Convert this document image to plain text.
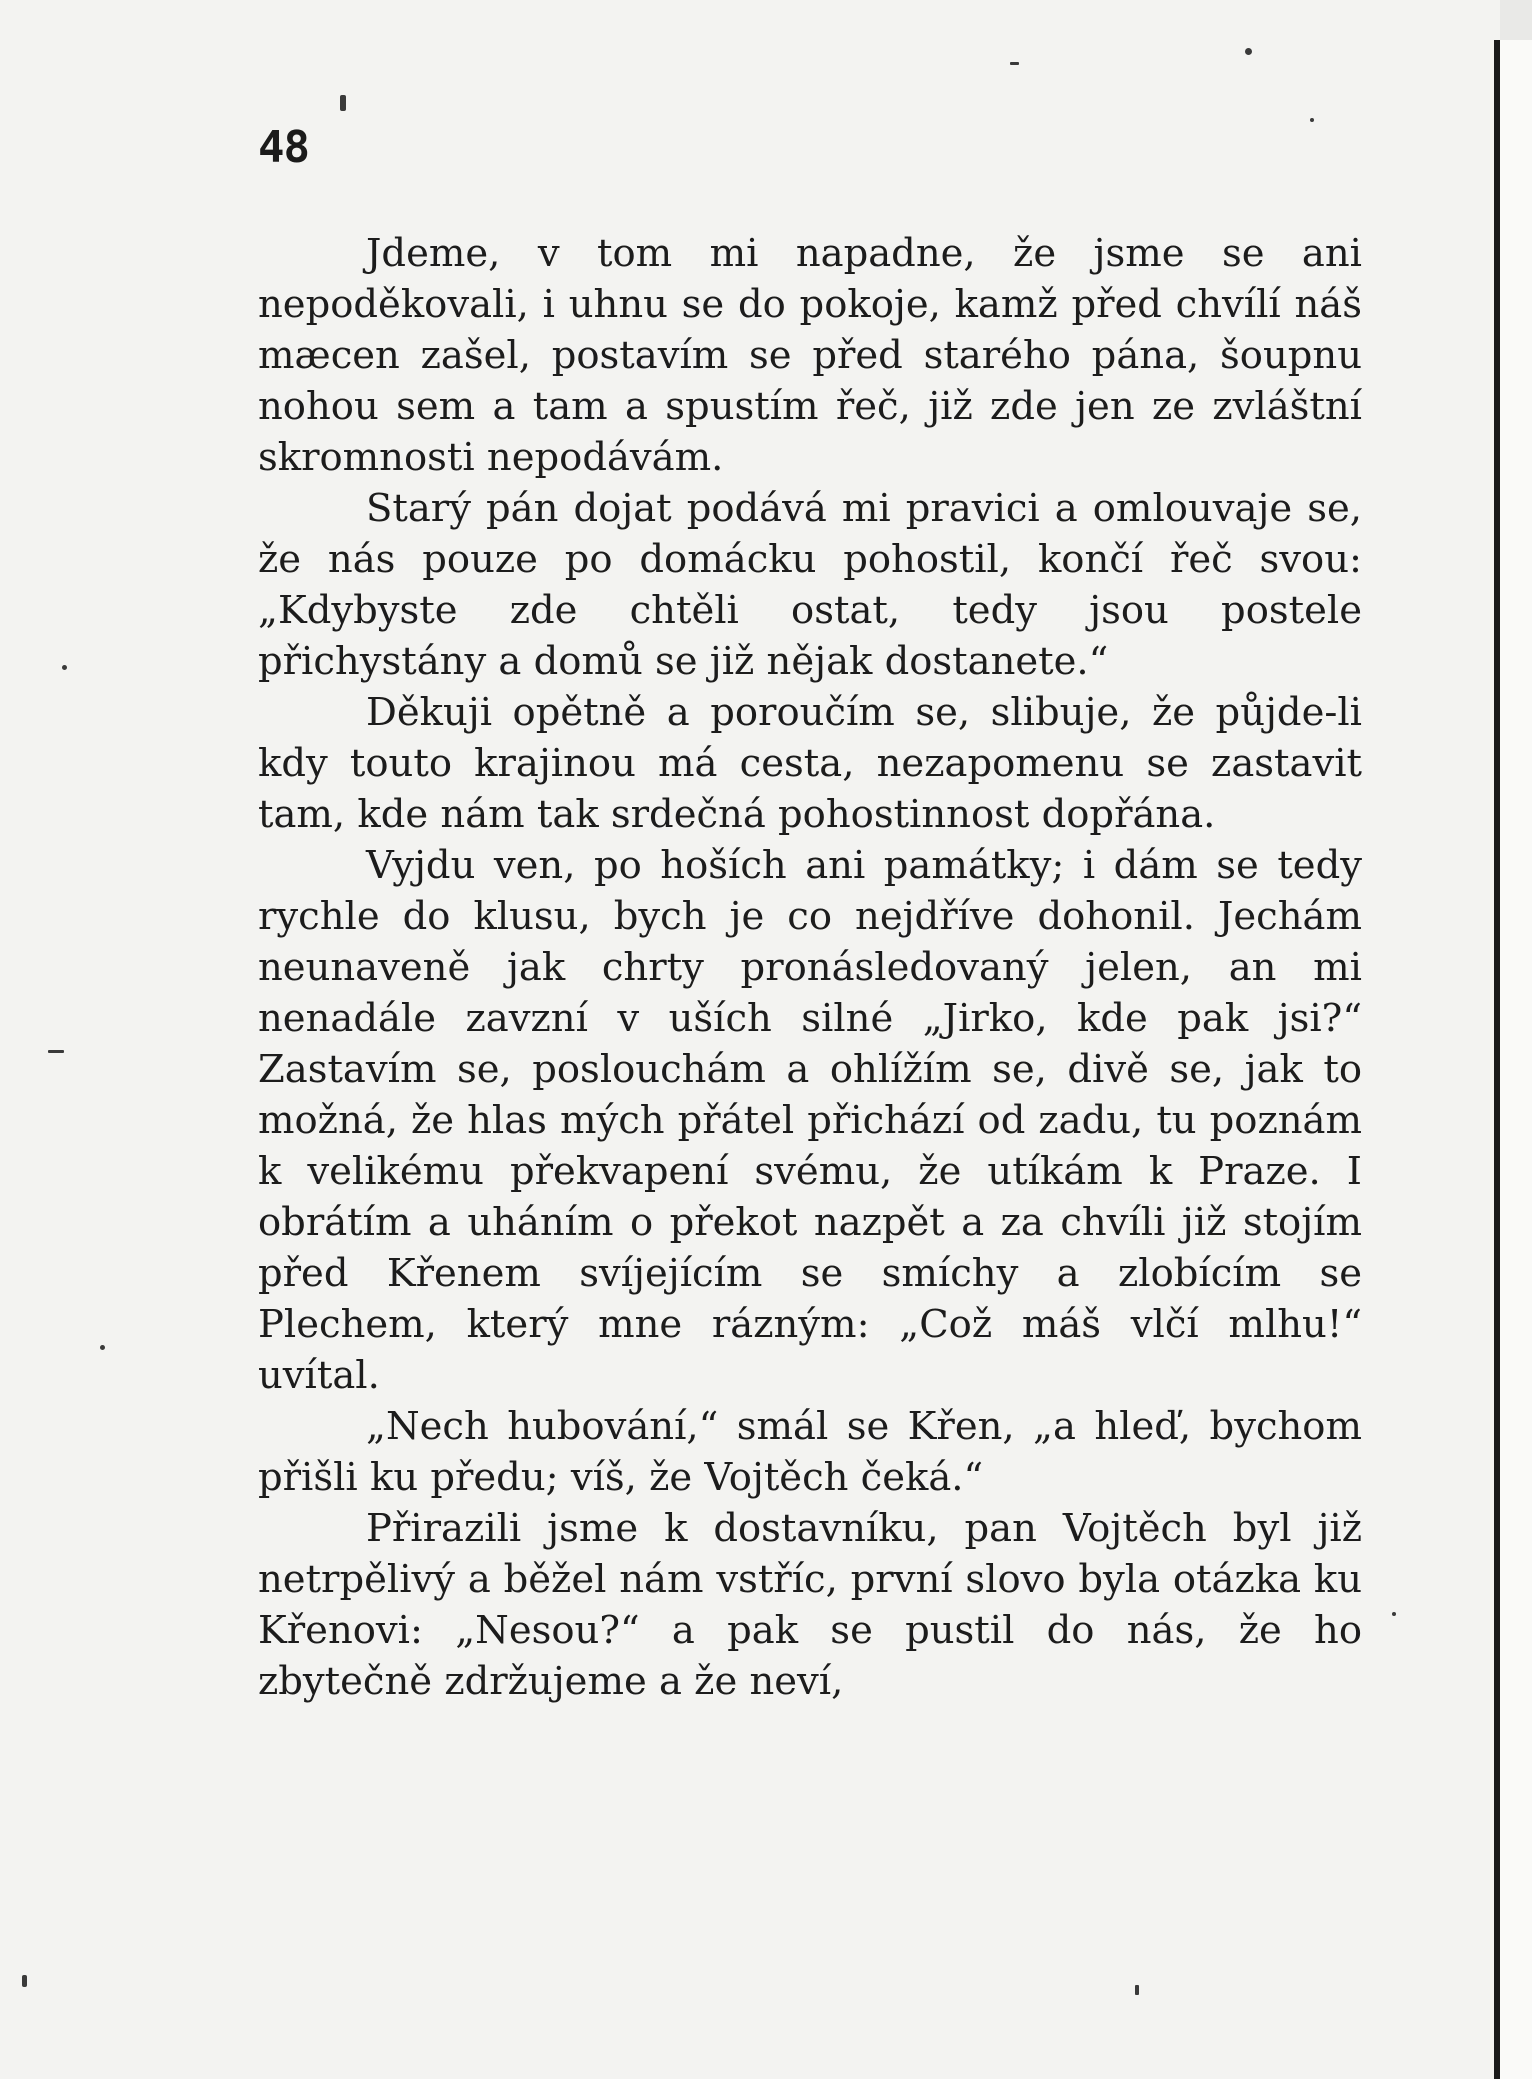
48

Jdeme, v tom mi napadne, že jsme se ani nepoděkovali, i uhnu se do pokoje, kamž před chvílí náš mæcen zašel, postavím se před starého pána, šoupnu nohou sem a tam a spustím řeč, již zde jen ze zvláštní skromnosti nepodávám.

Starý pán dojat podává mi pravici a omlouvaje se, že nás pouze po domácku pohostil, končí řeč svou: „Kdybyste zde chtěli ostat, tedy jsou postele přichystány a domů se již nějak dostanete.“

Děkuji opětně a poroučím se, slibuje, že půjde-li kdy touto krajinou má cesta, nezapomenu se zastavit tam, kde nám tak srdečná pohostinnost dopřána.

Vyjdu ven, po hoších ani památky; i dám se tedy rychle do klusu, bych je co nejdříve dohonil. Jechám neunaveně jak chrty pronásledovaný jelen, an mi nenadále zavzní v uších silné „Jirko, kde pak jsi?“ Zastavím se, poslouchám a ohlížím se, divě se, jak to možná, že hlas mých přátel přichází od zadu, tu poznám k velikému překvapení svému, že utíkám k Praze. I obrátím a uháním o překot nazpět a za chvíli již stojím před Křenem svíjejícím se smíchy a zlobícím se Plechem, který mne rázným: „Což máš vlčí mlhu!“ uvítal.

„Nech hubování,“ smál se Křen, „a hleď, bychom přišli ku předu; víš, že Vojtěch čeká.“

Přirazili jsme k dostavníku, pan Vojtěch byl již netrpělivý a běžel nám vstříc, první slovo byla otázka ku Křenovi: „Nesou?“ a pak se pustil do nás, že ho zbytečně zdržujeme a že neví,
